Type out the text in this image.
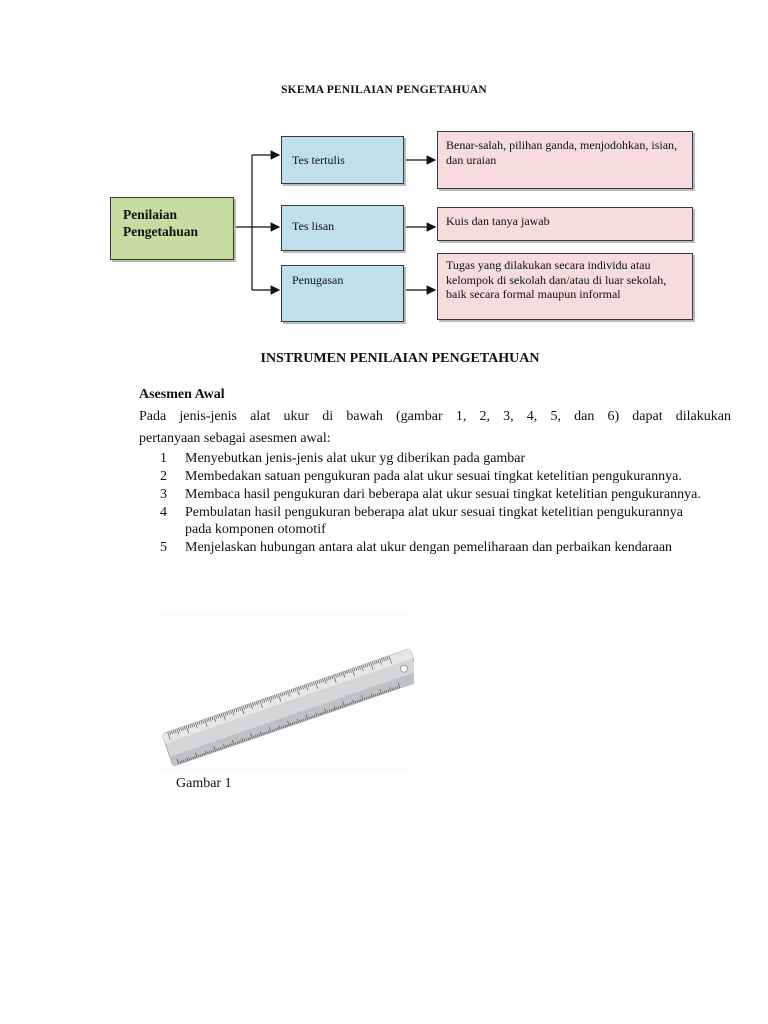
SKEMA PENILAIAN PENGETAHUAN
Penilaian
Pengetahuan
Tes tertulis
Tes lisan
Penugasan
Benar-salah, pilihan ganda, menjodohkan, isian, dan uraian
Kuis dan tanya jawab
Tugas yang dilakukan secara individu atau kelompok di sekolah dan/atau di luar sekolah, baik secara formal maupun informal
INSTRUMEN PENILAIAN PENGETAHUAN
Asesmen Awal
Pada jenis-jenis alat ukur di bawah (gambar 1, 2, 3, 4, 5, dan 6) dapat dilakukan
pertanyaan sebagai asesmen awal:
1 Menyebutkan jenis-jenis alat ukur yg diberikan pada gambar
2 Membedakan satuan pengukuran pada alat ukur sesuai tingkat ketelitian pengukurannya.
3 Membaca hasil pengukuran dari beberapa alat ukur sesuai tingkat ketelitian pengukurannya.
4 Pembulatan hasil pengukuran beberapa alat ukur sesuai tingkat ketelitian pengukurannya
pada komponen otomotif
5 Menjelaskan hubungan antara alat ukur dengan pemeliharaan dan perbaikan kendaraan
Gambar 1
